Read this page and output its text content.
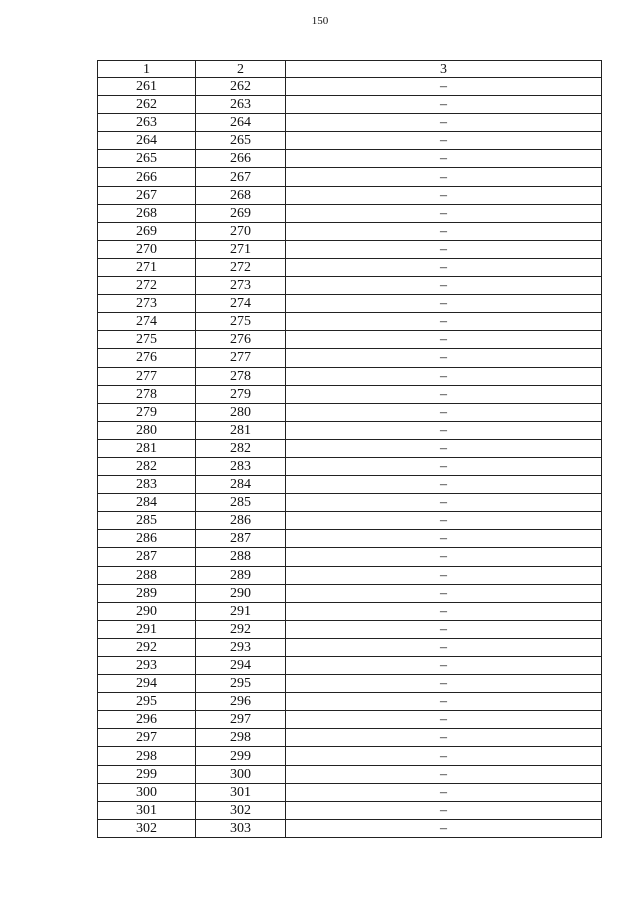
150
1	2	3
261	262	–
262	263	–
263	264	–
264	265	–
265	266	–
266	267	–
267	268	–
268	269	–
269	270	–
270	271	–
271	272	–
272	273	–
273	274	–
274	275	–
275	276	–
276	277	–
277	278	–
278	279	–
279	280	–
280	281	–
281	282	–
282	283	–
283	284	–
284	285	–
285	286	–
286	287	–
287	288	–
288	289	–
289	290	–
290	291	–
291	292	–
292	293	–
293	294	–
294	295	–
295	296	–
296	297	–
297	298	–
298	299	–
299	300	–
300	301	–
301	302	–
302	303	–
